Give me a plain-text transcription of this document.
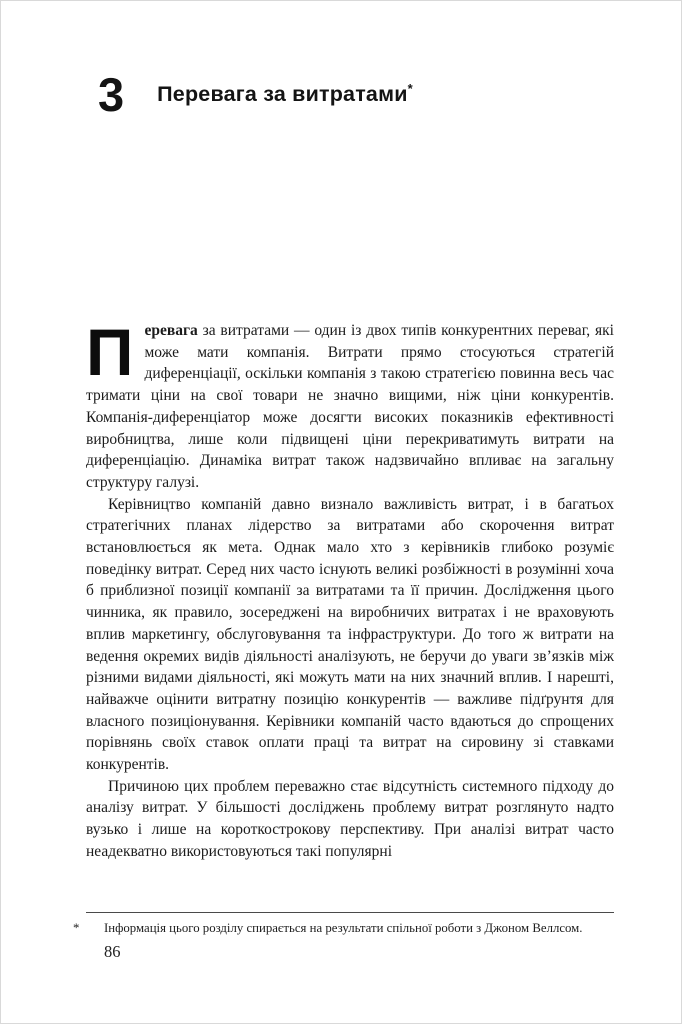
3 Перевага за витратами*

Перевага за витратами — один із двох типів конкурентних переваг, які може мати компанія. Витрати прямо стосуються стратегій диференціації, оскільки компанія з такою стратегією повинна весь час тримати ціни на свої товари не значно вищими, ніж ціни конкурентів. Компанія-диференціатор може досягти високих показників ефективності виробництва, лише коли підвищені ціни перекриватимуть витрати на диференціацію. Динаміка витрат також надзвичайно впливає на загальну структуру галузі.

Керівництво компаній давно визнало важливість витрат, і в багатьох стратегічних планах лідерство за витратами або скорочення витрат встановлюється як мета. Однак мало хто з керівників глибоко розуміє поведінку витрат. Серед них часто існують великі розбіжності в розумінні хоча б приблизної позиції компанії за витратами та її причин. Дослідження цього чинника, як правило, зосереджені на виробничих витратах і не враховують вплив маркетингу, обслуговування та інфраструктури. До того ж витрати на ведення окремих видів діяльності аналізують, не беручи до уваги зв’язків між різними видами діяльності, які можуть мати на них значний вплив. І нарешті, найважче оцінити витратну позицію конкурентів — важливе підґрунтя для власного позиціонування. Керівники компаній часто вдаються до спрощених порівнянь своїх ставок оплати праці та витрат на сировину зі ставками конкурентів.

Причиною цих проблем переважно стає відсутність системного підходу до аналізу витрат. У більшості досліджень проблему витрат розглянуто надто вузько і лише на короткострокову перспективу. При аналізі витрат часто неадекватно використовуються такі популярні

*	Інформація цього розділу спирається на результати спільної роботи з Джоном Веллсом.
86
